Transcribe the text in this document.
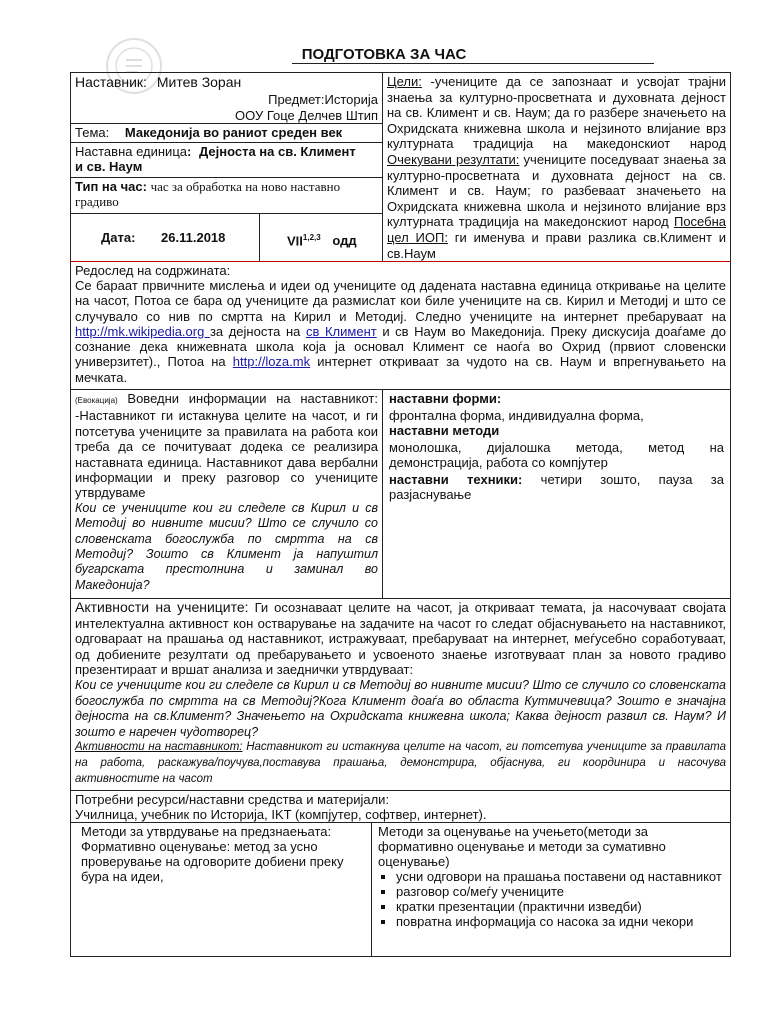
ПОДГОТОВКА ЗА ЧАС
Наставник: Митев Зоран
Предмет:Историја
ООУ Гоце Делчев Штип
Тема: Македонија во раниот среден век
Наставна единица: Дејноста на св. Климент
и св. Наум
Тип на час: час за обработка на ново наставно
градиво
Дата: 26.11.2018	VII$^{1,2,3}$ одд
Цели: -учениците да се запознаат и усвојат трајни знаења за културно-просветната и духовната дејност на св. Климент и св. Наум; да го разбере значењето на Охридската книжевна школа и нејзиното влијание врз културната традиција на македонскиот народ Очекувани резултати: учениците поседуваат знаења за културно-просветната и духовната дејност на св. Климент и св. Наум; го разбеваат значењето на Охридската книжевна школа и нејзиното влијание врз културната традиција на македонскиот народ Посебна цел ИОП: ги именува и прави разлика св.Климент и св.Наум
Редослед на содржината:
Се бараат првичните мислења и идеи од учениците од дадената наставна единица откривање на целите на часот, Потоа се бара од учениците да размислат кои биле учениците на св. Кирил и Методиј и што се случувало со нив по смртта на Кирил и Методиј. Следно учениците на интернет пребаруваат на http://mk.wikipedia.org за дејноста на св Климент и св Наум во Македонија. Преку дискусија доаѓаме до сознание дека книжевната школа која ја основал Климент се наоѓа во Охрид (првиот словенски универзитет)., Потоа на http://loza.mk интернет откриваат за чудото на св. Наум и впрегнувањето на мечката.
(Евокација) Воведни информации на наставникот: -Наставникот ги истакнува целите на часот, и ги потсетува учениците за правилата на работа кои треба да се почитуваат додека се реализира наставната единица. Наставникот дава вербални информации и преку разговор со учениците утврдуваме
Кои се учениците кои ги следеле св Кирил и св Методиј во нивните мисии? Што се случило со словенската богослужба по смртта на св Методиј? Зошто св Климент ја напуштил бугарската престолнина и заминал во Македонија?
наставни форми:
фронтална форма, индивидуална форма,
наставни методи
монолошка, дијалошка метода, метод на демонстрација, работа со компјутер
наставни техники: четири зошто, пауза за разјаснување
Активности на учениците: Ги осознаваат целите на часот, ја откриваат темата, ја насочуваат својата интелектуална активност кон остварување на задачите на часот го следат објаснувањето на наставникот, одговараат на прашања од наставникот, истражуваат, пребаруваат на интернет, меѓусебно соработуваат, од добиените резултати од пребарувањето и усвоеното знаење изготвуваат план за новото градиво презентираат и вршат анализа и заеднички утврдуваат:
Кои се учениците кои ги следеле св Кирил и св Методиј во нивните мисии? Што се случило со словенската богослужба по смртта на св Методиј?Кога Климент доаѓа во областа Кутмичевица? Зошто е значајна дејноста на св.Климент? Значењето на Охридската книжевна школа; Каква дејност развил св. Наум? И зошто е наречен чудотворец?
Активности на наставникот: Наставникот ги истакнува целите на часот, ги потсетува учениците за правилата на работа, раскажува/поучува,поставува прашања, демонстрира, објаснува, ги координира и насочува активностите на часот
Потребни ресурси/наставни средства и материјали:
Училница, учебник по Историја, IKT (компјутер, софтвер, интернет).
Методи за утврдување на предзнаењата:
Формативно оценување: метод за усно проверување на одговорите добиени преку бура на идеи,
Методи за оценување на учењето(методи за формативно оценување и методи за сумативно оценување)
▪ усни одговори на прашања поставени од наставникот
▪ разговор со/меѓу учениците
▪ кратки презентации (практични изведби)
▪ повратна информација со насока за идни чекори
